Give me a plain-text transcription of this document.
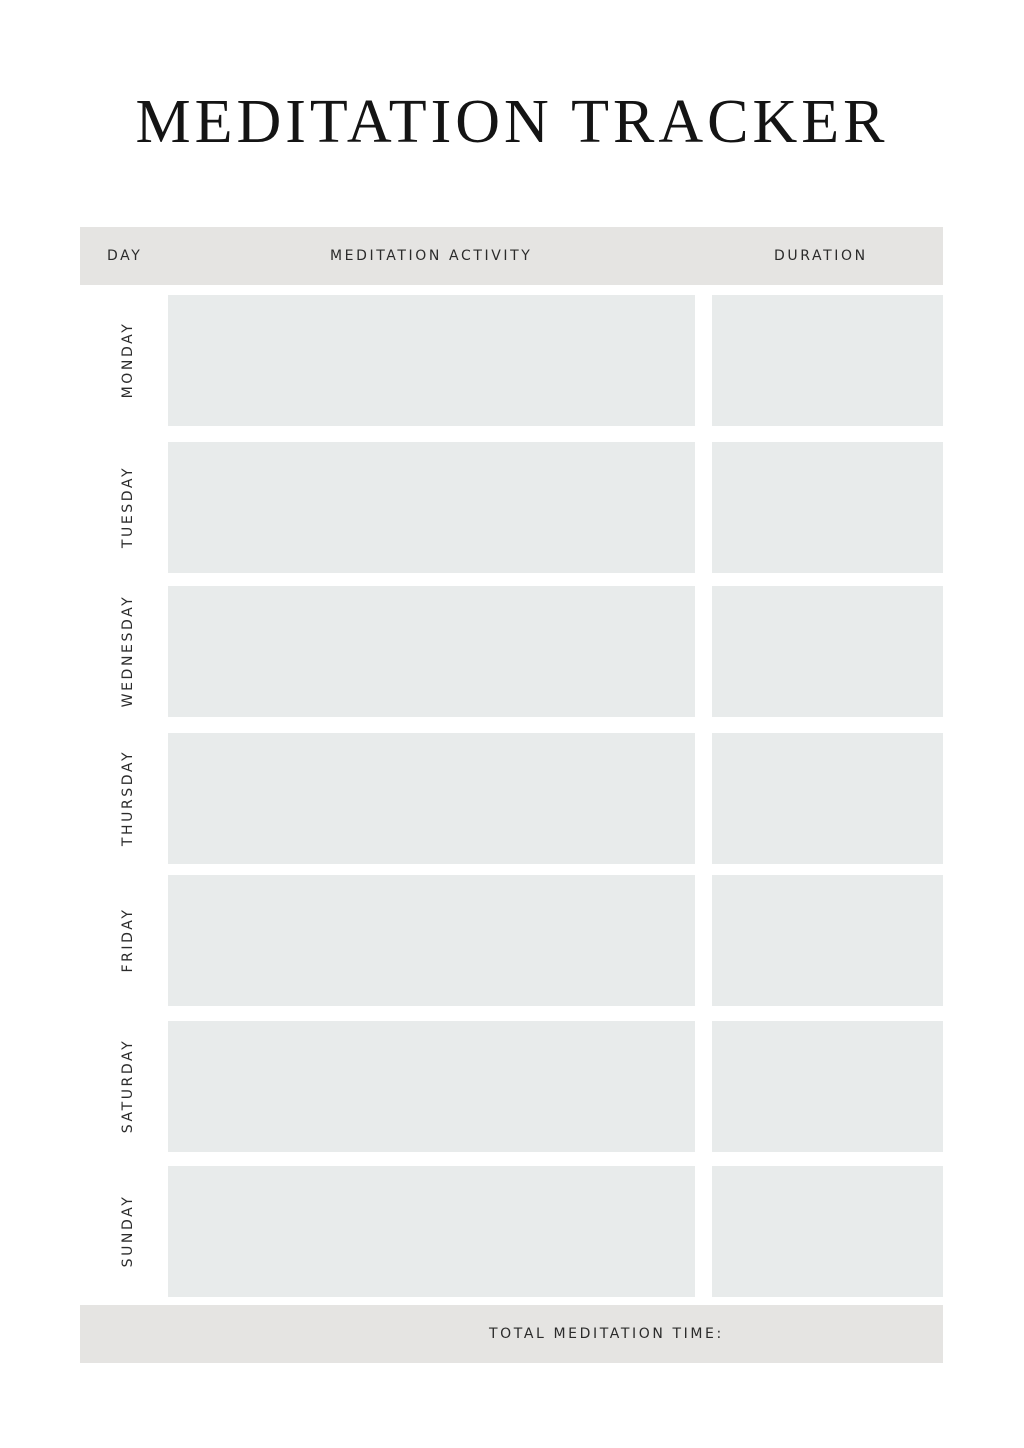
MEDITATION TRACKER
DAY	MEDITATION ACTIVITY	DURATION
MONDAY
TUESDAY
WEDNESDAY
THURSDAY
FRIDAY
SATURDAY
SUNDAY
TOTAL MEDITATION TIME:
